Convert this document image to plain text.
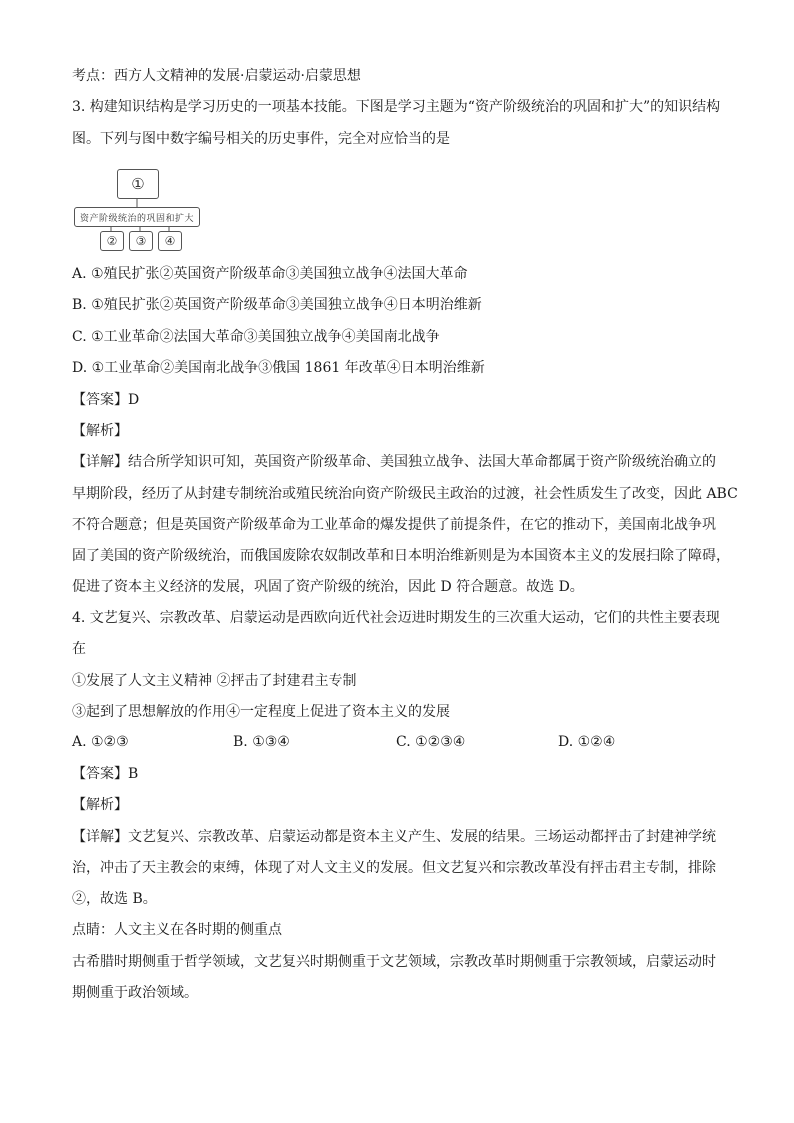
考点：西方人文精神的发展·启蒙运动·启蒙思想
3. 构建知识结构是学习历史的一项基本技能。下图是学习主题为“资产阶级统治的巩固和扩大”的知识结构
图。下列与图中数字编号相关的历史事件，完全对应恰当的是
①
资产阶级统治的巩固和扩大
②	③	④
A. ①殖民扩张②英国资产阶级革命③美国独立战争④法国大革命
B. ①殖民扩张②英国资产阶级革命③美国独立战争④日本明治维新
C. ①工业革命②法国大革命③美国独立战争④美国南北战争
D. ①工业革命②美国南北战争③俄国 1861 年改革④日本明治维新
【答案】D
【解析】
【详解】结合所学知识可知，英国资产阶级革命、美国独立战争、法国大革命都属于资产阶级统治确立的
早期阶段，经历了从封建专制统治或殖民统治向资产阶级民主政治的过渡，社会性质发生了改变，因此 ABC
不符合题意；但是英国资产阶级革命为工业革命的爆发提供了前提条件，在它的推动下，美国南北战争巩
固了美国的资产阶级统治，而俄国废除农奴制改革和日本明治维新则是为本国资本主义的发展扫除了障碍，
促进了资本主义经济的发展，巩固了资产阶级的统治，因此 D 符合题意。故选 D。
4. 文艺复兴、宗教改革、启蒙运动是西欧向近代社会迈进时期发生的三次重大运动，它们的共性主要表现
在
①发展了人文主义精神 ②抨击了封建君主专制
③起到了思想解放的作用④一定程度上促进了资本主义的发展
A. ①②③	B. ①③④	C. ①②③④	D. ①②④
【答案】B
【解析】
【详解】文艺复兴、宗教改革、启蒙运动都是资本主义产生、发展的结果。三场运动都抨击了封建神学统
治，冲击了天主教会的束缚，体现了对人文主义的发展。但文艺复兴和宗教改革没有抨击君主专制，排除
②，故选 B。
点睛：人文主义在各时期的侧重点
古希腊时期侧重于哲学领域，文艺复兴时期侧重于文艺领域，宗教改革时期侧重于宗教领域，启蒙运动时
期侧重于政治领域。
